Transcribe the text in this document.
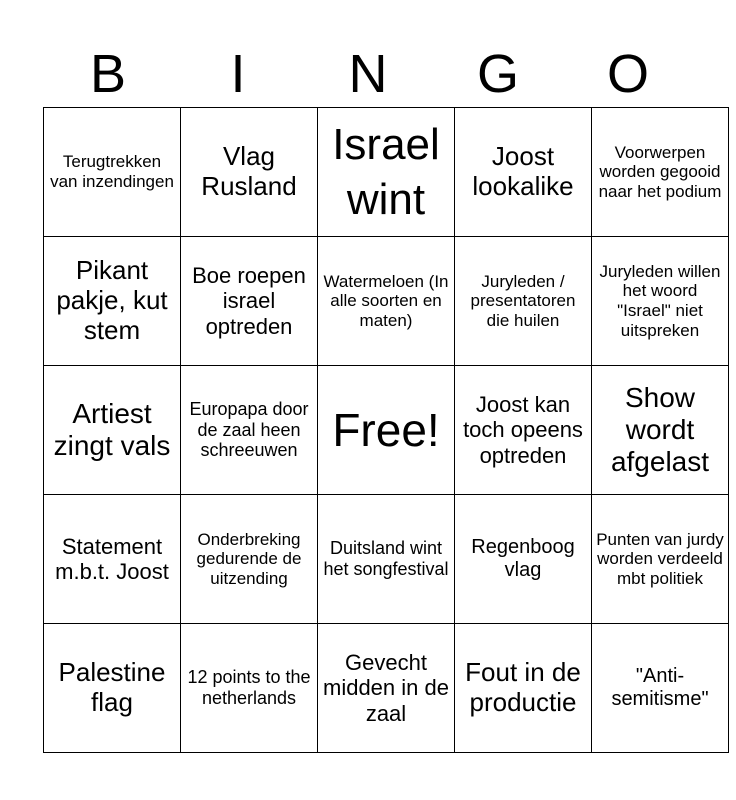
B	I	N	G	O
Terugtrekken van inzendingen	Vlag Rusland	Israel wint	Joost lookalike	Voorwerpen worden gegooid naar het podium
Pikant pakje, kut stem	Boe roepen israel optreden	Watermeloen (In alle soorten en maten)	Juryleden / presentatoren die huilen	Juryleden willen het woord "Israel" niet uitspreken
Artiest zingt vals	Europapa door de zaal heen schreeuwen	Free!	Joost kan toch opeens optreden	Show wordt afgelast
Statement m.b.t. Joost	Onderbreking gedurende de uitzending	Duitsland wint het songfestival	Regenboog vlag	Punten van jurdy worden verdeeld mbt politiek
Palestine flag	12 points to the netherlands	Gevecht midden in de zaal	Fout in de productie	"Anti-semitisme"
